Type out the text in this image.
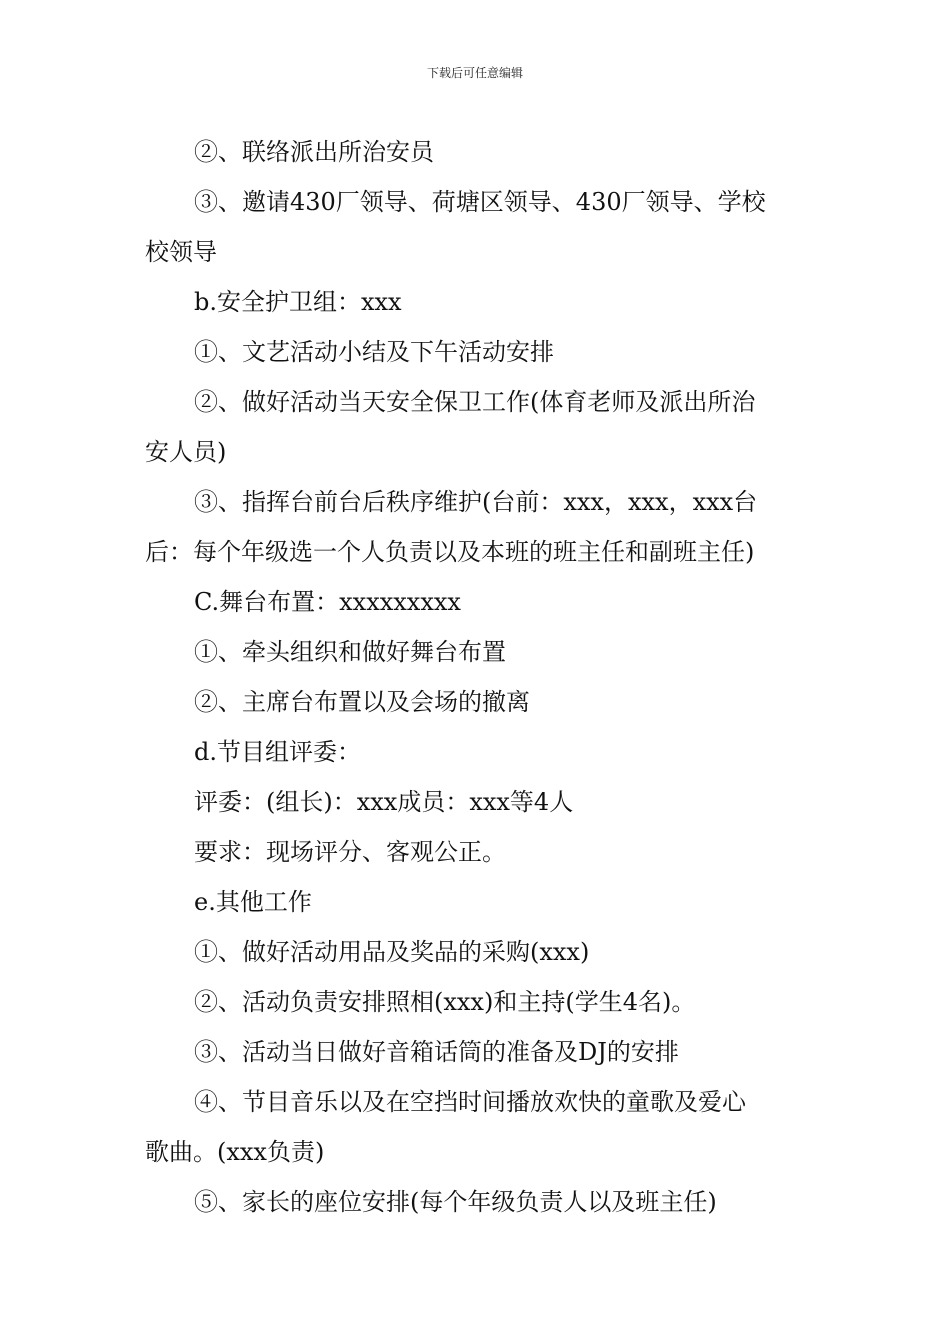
下载后可任意编辑

②、联络派出所治安员

③、邀请430厂领导、荷塘区领导、430厂领导、学校

校领导

b.安全护卫组：xxx

①、文艺活动小结及下午活动安排

②、做好活动当天安全保卫工作(体育老师及派出所治

安人员)

③、指挥台前台后秩序维护(台前：xxx，xxx，xxx台

后：每个年级选一个人负责以及本班的班主任和副班主任)

C.舞台布置：xxxxxxxxx

①、牵头组织和做好舞台布置

②、主席台布置以及会场的撤离

d.节目组评委：

评委：(组长)：xxx成员：xxx等4人

要求：现场评分、客观公正。

e.其他工作

①、做好活动用品及奖品的采购(xxx)

②、活动负责安排照相(xxx)和主持(学生4名)。

③、活动当日做好音箱话筒的准备及DJ的安排

④、节目音乐以及在空挡时间播放欢快的童歌及爱心

歌曲。(xxx负责)

⑤、家长的座位安排(每个年级负责人以及班主任)
